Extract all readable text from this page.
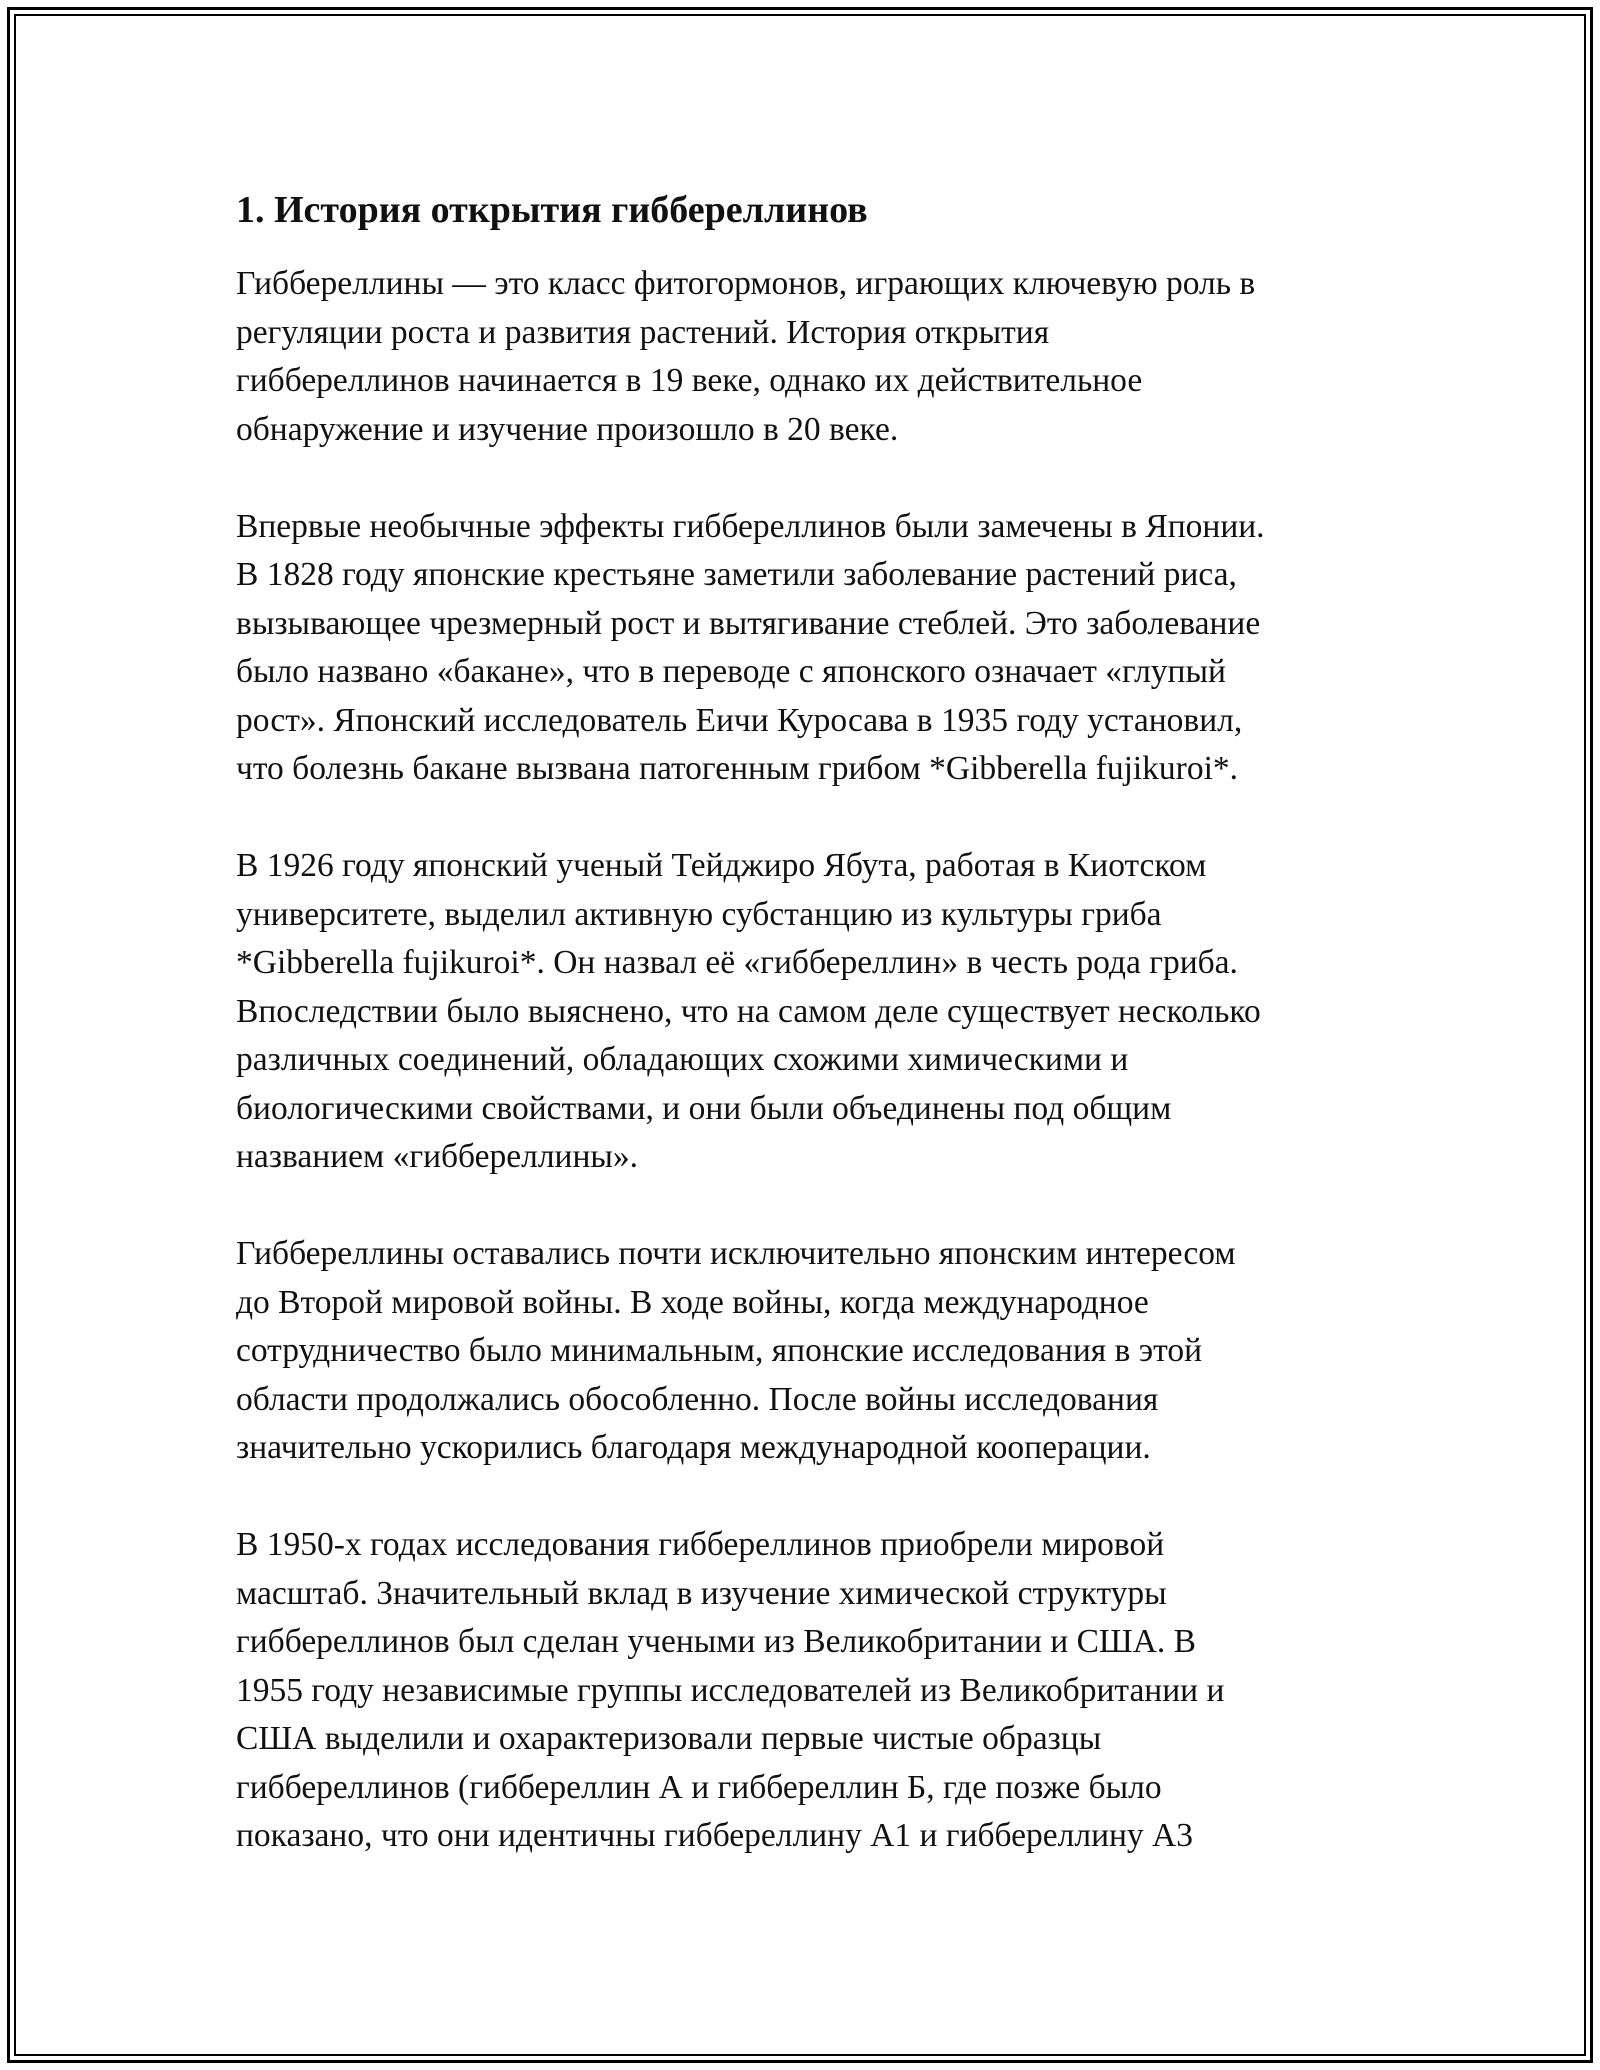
1. История открытия гиббереллинов

Гиббереллины — это класс фитогормонов, играющих ключевую роль в
регуляции роста и развития растений. История открытия
гиббереллинов начинается в 19 веке, однако их действительное
обнаружение и изучение произошло в 20 веке.

Впервые необычные эффекты гиббереллинов были замечены в Японии.
В 1828 году японские крестьяне заметили заболевание растений риса,
вызывающее чрезмерный рост и вытягивание стеблей. Это заболевание
было названо «бакане», что в переводе с японского означает «глупый
рост». Японский исследователь Еичи Куросава в 1935 году установил,
что болезнь бакане вызвана патогенным грибом *Gibberella fujikuroi*.

В 1926 году японский ученый Тейджиро Ябута, работая в Киотском
университете, выделил активную субстанцию из культуры гриба
*Gibberella fujikuroi*. Он назвал её «гиббереллин» в честь рода гриба.
Впоследствии было выяснено, что на самом деле существует несколько
различных соединений, обладающих схожими химическими и
биологическими свойствами, и они были объединены под общим
названием «гиббереллины».

Гиббереллины оставались почти исключительно японским интересом
до Второй мировой войны. В ходе войны, когда международное
сотрудничество было минимальным, японские исследования в этой
области продолжались обособленно. После войны исследования
значительно ускорились благодаря международной кооперации.

В 1950-х годах исследования гиббереллинов приобрели мировой
масштаб. Значительный вклад в изучение химической структуры
гиббереллинов был сделан учеными из Великобритании и США. В
1955 году независимые группы исследователей из Великобритании и
США выделили и охарактеризовали первые чистые образцы
гиббереллинов (гиббереллин А и гиббереллин Б, где позже было
показано, что они идентичны гиббереллину А1 и гиббереллину А3
